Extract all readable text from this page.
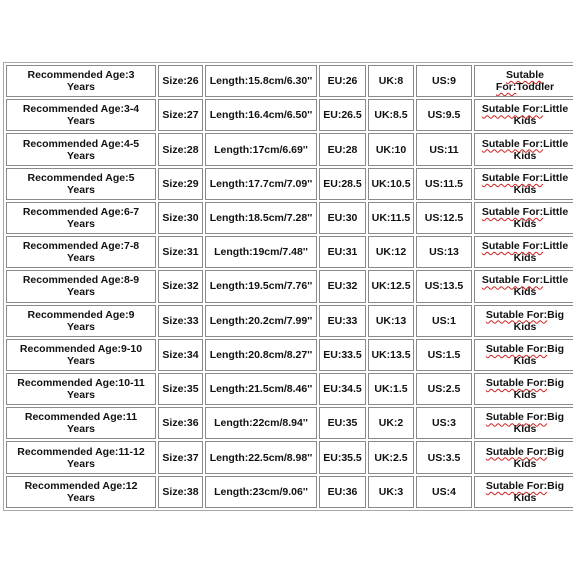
Recommended Age:3 Years	Size:26	Length:15.8cm/6.30''	EU:26	UK:8	US:9	Sutable For:Toddler
Recommended Age:3-4 Years	Size:27	Length:16.4cm/6.50''	EU:26.5	UK:8.5	US:9.5	Sutable For:Little Kids
Recommended Age:4-5 Years	Size:28	Length:17cm/6.69''	EU:28	UK:10	US:11	Sutable For:Little Kids
Recommended Age:5 Years	Size:29	Length:17.7cm/7.09''	EU:28.5	UK:10.5	US:11.5	Sutable For:Little Kids
Recommended Age:6-7 Years	Size:30	Length:18.5cm/7.28''	EU:30	UK:11.5	US:12.5	Sutable For:Little Kids
Recommended Age:7-8 Years	Size:31	Length:19cm/7.48''	EU:31	UK:12	US:13	Sutable For:Little Kids
Recommended Age:8-9 Years	Size:32	Length:19.5cm/7.76''	EU:32	UK:12.5	US:13.5	Sutable For:Little Kids
Recommended Age:9 Years	Size:33	Length:20.2cm/7.99''	EU:33	UK:13	US:1	Sutable For:Big Kids
Recommended Age:9-10 Years	Size:34	Length:20.8cm/8.27''	EU:33.5	UK:13.5	US:1.5	Sutable For:Big Kids
Recommended Age:10-11 Years	Size:35	Length:21.5cm/8.46''	EU:34.5	UK:1.5	US:2.5	Sutable For:Big Kids
Recommended Age:11 Years	Size:36	Length:22cm/8.94''	EU:35	UK:2	US:3	Sutable For:Big Kids
Recommended Age:11-12 Years	Size:37	Length:22.5cm/8.98''	EU:35.5	UK:2.5	US:3.5	Sutable For:Big Kids
Recommended Age:12 Years	Size:38	Length:23cm/9.06''	EU:36	UK:3	US:4	Sutable For:Big Kids
